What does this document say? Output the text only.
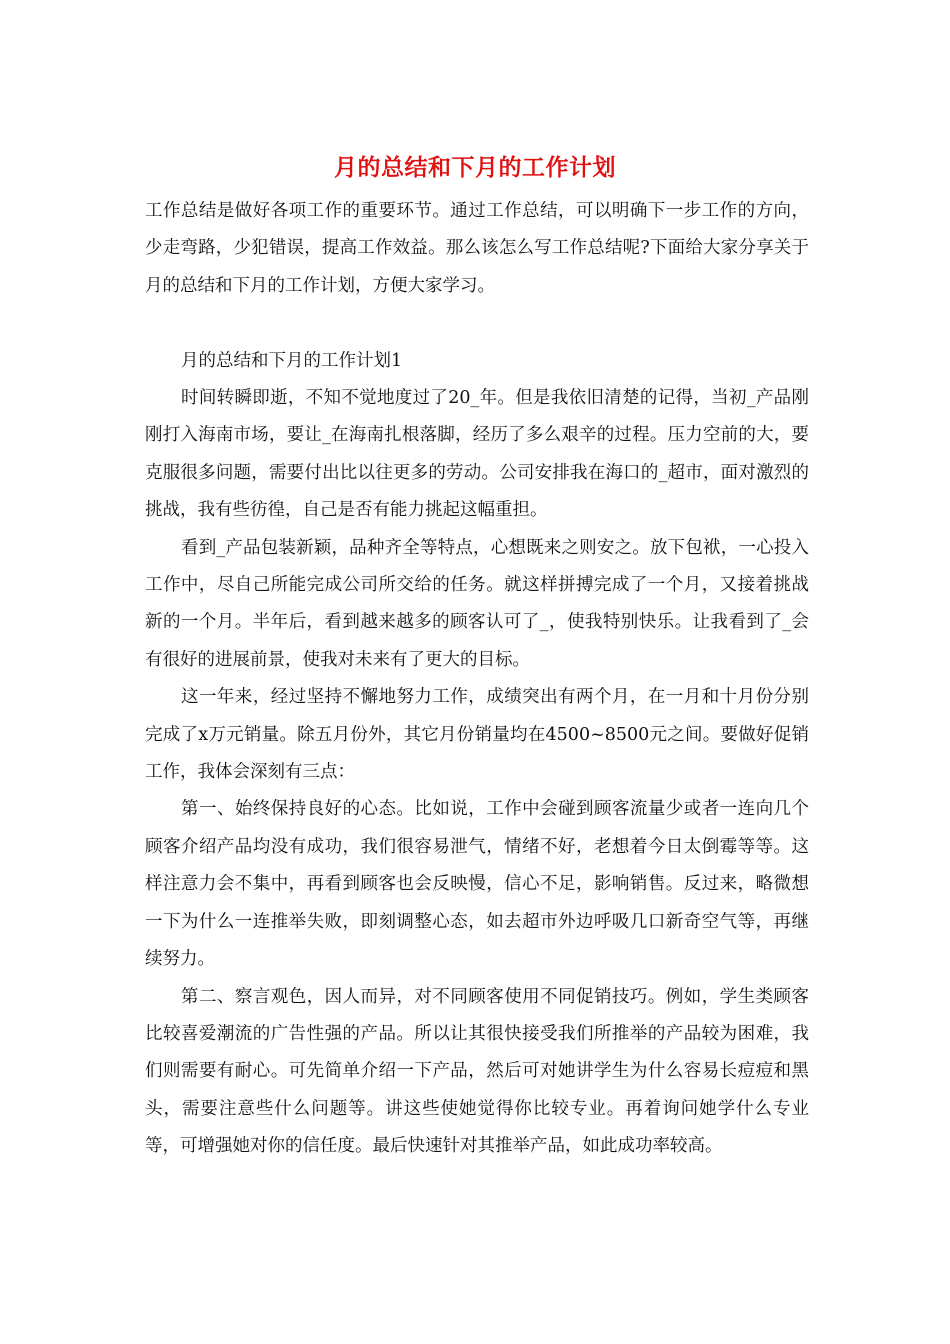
月的总结和下月的工作计划

工作总结是做好各项工作的重要环节。通过工作总结，可以明确下一步工作的方向，少走弯路，少犯错误，提高工作效益。那么该怎么写工作总结呢?下面给大家分享关于月的总结和下月的工作计划，方便大家学习。

月的总结和下月的工作计划1

时间转瞬即逝，不知不觉地度过了20_年。但是我依旧清楚的记得，当初_产品刚刚打入海南市场，要让_在海南扎根落脚，经历了多么艰辛的过程。压力空前的大，要克服很多问题，需要付出比以往更多的劳动。公司安排我在海口的_超市，面对激烈的挑战，我有些彷徨，自己是否有能力挑起这幅重担。

看到_产品包装新颖，品种齐全等特点，心想既来之则安之。放下包袱，一心投入工作中，尽自己所能完成公司所交给的任务。就这样拼搏完成了一个月，又接着挑战新的一个月。半年后，看到越来越多的顾客认可了_，使我特别快乐。让我看到了_会有很好的进展前景，使我对未来有了更大的目标。

这一年来，经过坚持不懈地努力工作，成绩突出有两个月，在一月和十月份分别完成了x万元销量。除五月份外，其它月份销量均在4500~8500元之间。要做好促销工作，我体会深刻有三点：

第一、始终保持良好的心态。比如说，工作中会碰到顾客流量少或者一连向几个顾客介绍产品均没有成功，我们很容易泄气，情绪不好，老想着今日太倒霉等等。这样注意力会不集中，再看到顾客也会反映慢，信心不足，影响销售。反过来，略微想一下为什么一连推举失败，即刻调整心态，如去超市外边呼吸几口新奇空气等，再继续努力。

第二、察言观色，因人而异，对不同顾客使用不同促销技巧。例如，学生类顾客比较喜爱潮流的广告性强的产品。所以让其很快接受我们所推举的产品较为困难，我们则需要有耐心。可先简单介绍一下产品，然后可对她讲学生为什么容易长痘痘和黑头，需要注意些什么问题等。讲这些使她觉得你比较专业。再着询问她学什么专业等，可增强她对你的信任度。最后快速针对其推举产品，如此成功率较高。
